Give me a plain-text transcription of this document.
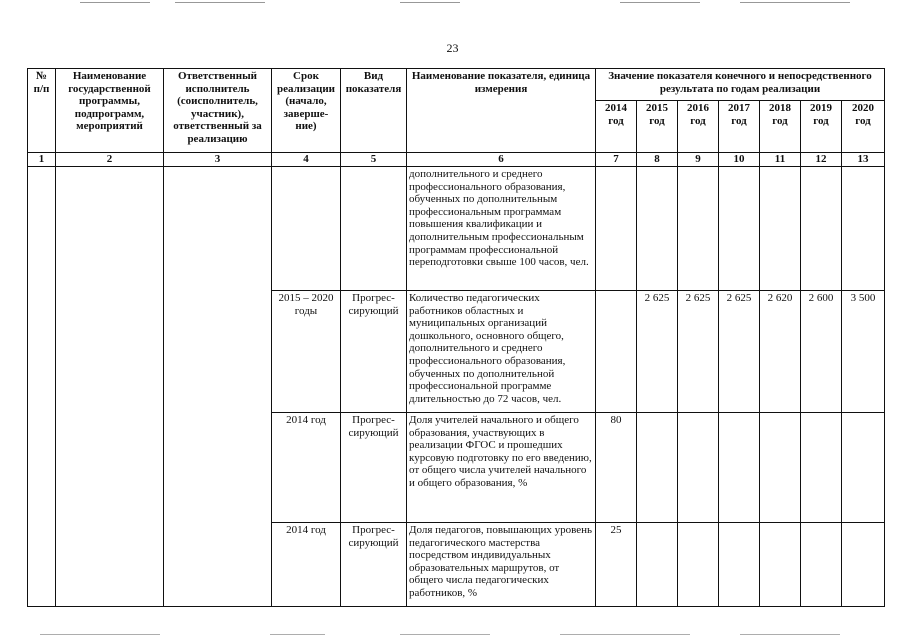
23
№ п/п	Наименование государственной программы, подпрограмм, мероприятий	Ответственный исполнитель (соисполнитель, участник), ответственный за реализацию	Срок реализации (начало, заверше-ние)	Вид показателя	Наименование показателя, единица измерения	Значение показателя конечного и непосредственного результата по годам реализации						
						2014 год	2015 год	2016 год	2017 год	2018 год	2019 год	2020 год
1	2	3	4	5	6	7	8	9	10	11	12	13
					дополнительного и среднего профессионального образования, обученных по дополнительным профессиональным программам повышения квалификации и дополнительным профессиональным программам профессиональной переподготовки свыше 100 часов, чел.							
			2015 – 2020 годы	Прогрес-сирующий	Количество педагогических работников областных и муниципальных организаций дошкольного, основного общего, дополнительного и среднего профессионального образования, обученных по дополнительной профессиональной программе длительностью до 72 часов, чел.		2 625	2 625	2 625	2 620	2 600	3 500
			2014 год	Прогрес-сирующий	Доля учителей начального и общего образования, участвующих в реализации ФГОС и прошедших курсовую подготовку по его введению, от общего числа учителей начального и общего образования, %	80						
			2014 год	Прогрес-сирующий	Доля педагогов, повышающих уровень педагогического мастерства посредством индивидуальных образовательных маршрутов, от общего числа педагогических работников, %	25						
